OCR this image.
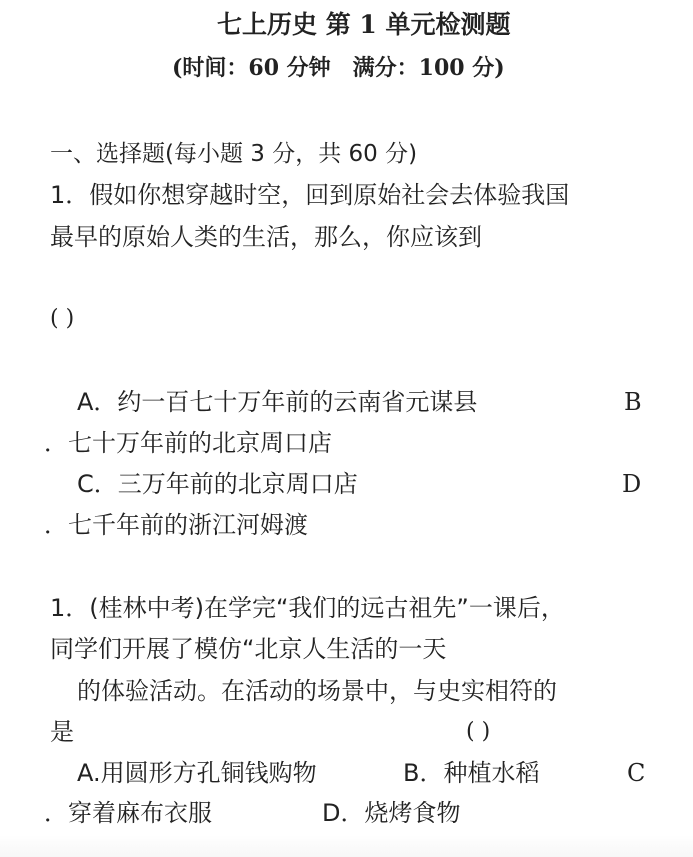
七上历史 第 1 单元检测题
(时间：60 分钟　满分：100 分)
一、选择题(每小题 3 分，共 60 分)
1．假如你想穿越时空，回到原始社会去体验我国
最早的原始人类的生活，那么，你应该到
( )
A．约一百七十万年前的云南省元谋县	B
．七十万年前的北京周口店
C．三万年前的北京周口店	D
．七千年前的浙江河姆渡
1．(桂林中考)在学完“我们的远古祖先”一课后，
同学们开展了模仿“北京人生活的一天
的体验活动。在活动的场景中，与史实相符的
是	( )
A.用圆形方孔铜钱购物	B．种植水稻	C
．穿着麻布衣服	D．烧烤食物
